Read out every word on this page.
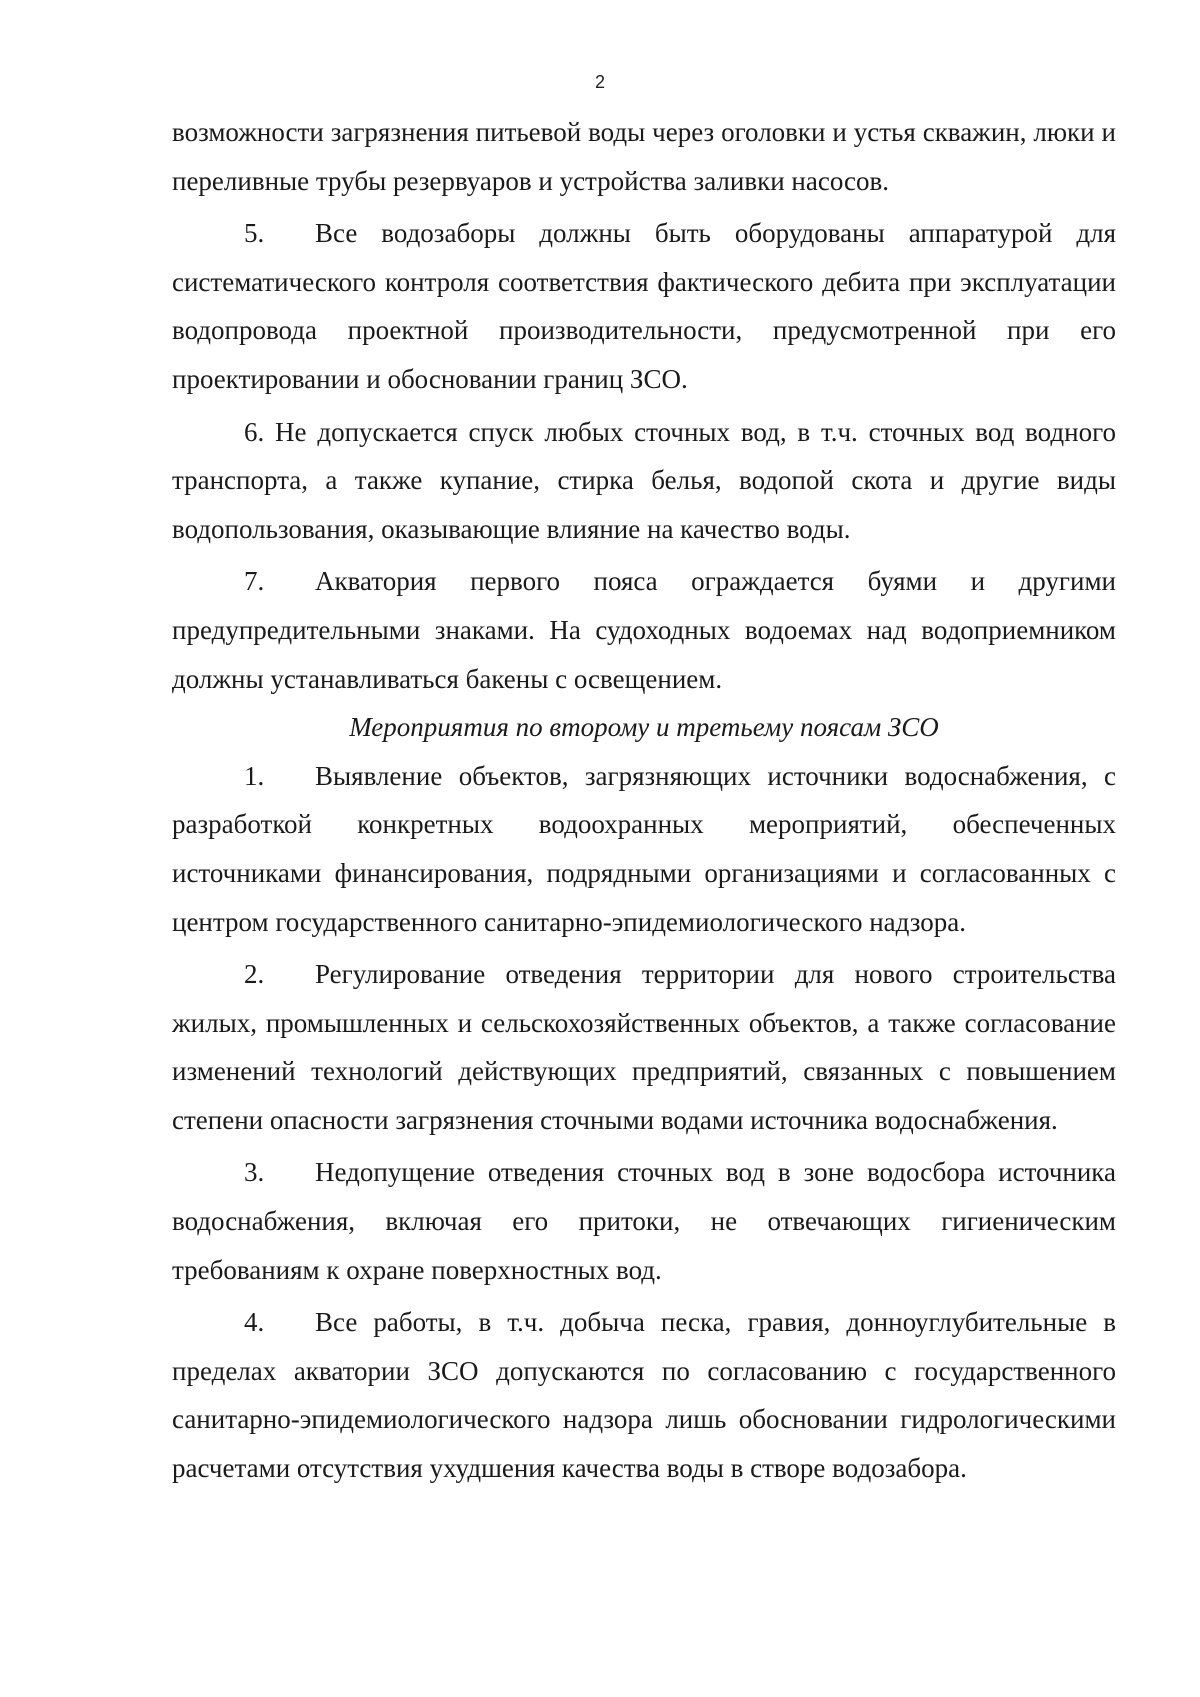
2

возможности загрязнения питьевой воды через оголовки и устья скважин, люки и переливные трубы резервуаров и устройства заливки насосов.

5. Все водозаборы должны быть оборудованы аппаратурой для систематического контроля соответствия фактического дебита при эксплуатации водопровода проектной производительности, предусмотренной при его проектировании и обосновании границ ЗСО.

6. Не допускается спуск любых сточных вод, в т.ч. сточных вод водного транспорта, а также купание, стирка белья, водопой скота и другие виды водопользования, оказывающие влияние на качество воды.

7. Акватория первого пояса ограждается буями и другими предупредительными знаками. На судоходных водоемах над водоприемником должны устанавливаться бакены с освещением.

Мероприятия по второму и третьему поясам ЗСО

1. Выявление объектов, загрязняющих источники водоснабжения, с разработкой конкретных водоохранных мероприятий, обеспеченных источниками финансирования, подрядными организациями и согласованных с центром государственного санитарно-эпидемиологического надзора.

2. Регулирование отведения территории для нового строительства жилых, промышленных и сельскохозяйственных объектов, а также согласование изменений технологий действующих предприятий, связанных с повышением степени опасности загрязнения сточными водами источника водоснабжения.

3. Недопущение отведения сточных вод в зоне водосбора источника водоснабжения, включая его притоки, не отвечающих гигиеническим требованиям к охране поверхностных вод.

4. Все работы, в т.ч. добыча песка, гравия, донноуглубительные в пределах акватории ЗСО допускаются по согласованию с государственного санитарно-эпидемиологического надзора лишь обосновании гидрологическими расчетами отсутствия ухудшения качества воды в створе водозабора.
